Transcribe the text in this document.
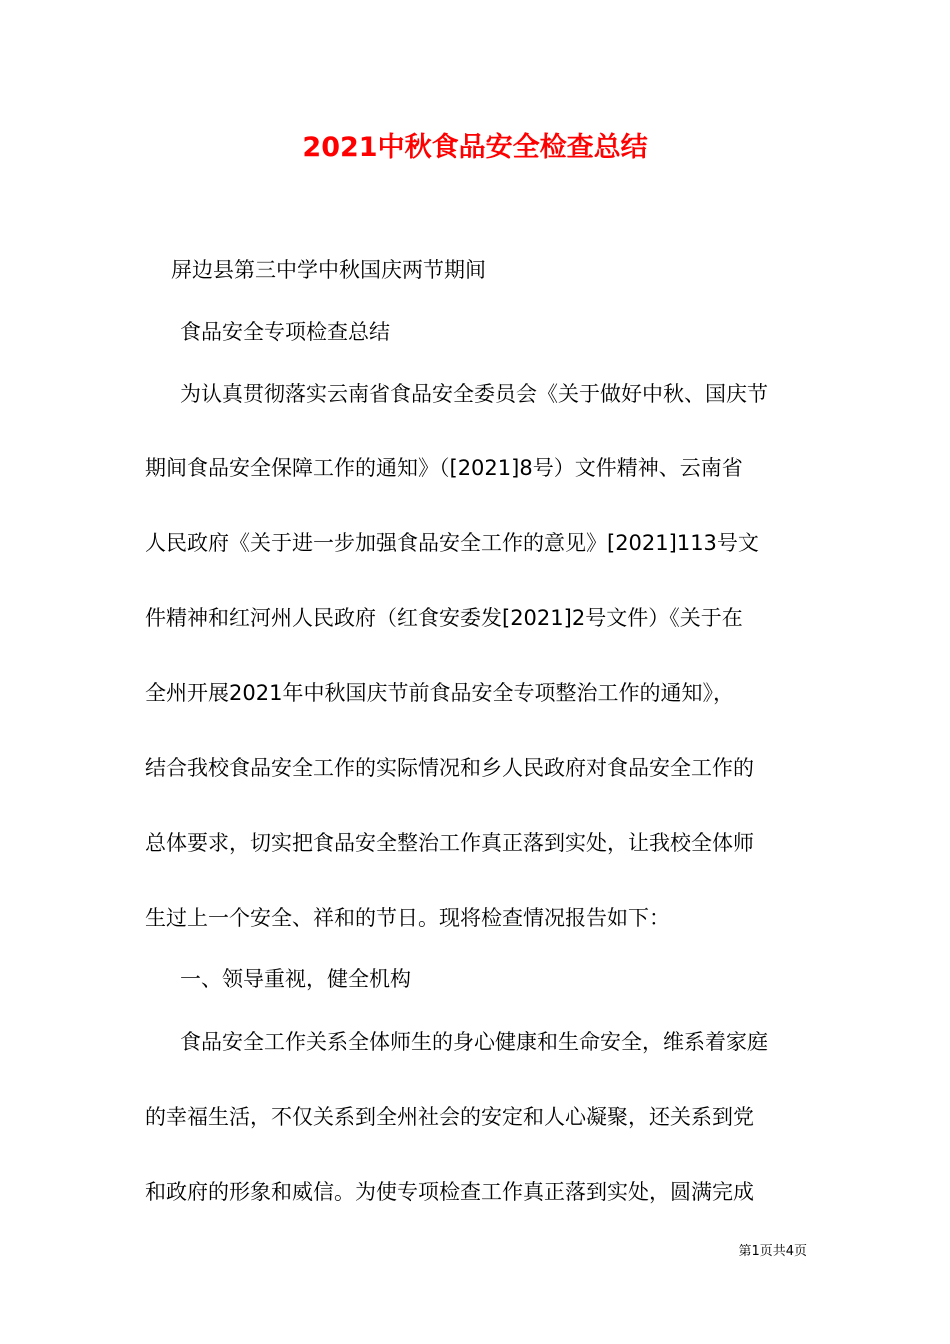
2021中秋食品安全检查总结

屏边县第三中学中秋国庆两节期间

食品安全专项检查总结

为认真贯彻落实云南省食品安全委员会《关于做好中秋、国庆节

期间食品安全保障工作的通知》（[2021]8号）文件精神、云南省

人民政府《关于进一步加强食品安全工作的意见》[2021]113号文

件精神和红河州人民政府（红食安委发[2021]2号文件）《关于在

全州开展2021年中秋国庆节前食品安全专项整治工作的通知》，

结合我校食品安全工作的实际情况和乡人民政府对食品安全工作的

总体要求，切实把食品安全整治工作真正落到实处，让我校全体师

生过上一个安全、祥和的节日。现将检查情况报告如下：

一、领导重视，健全机构

食品安全工作关系全体师生的身心健康和生命安全，维系着家庭

的幸福生活，不仅关系到全州社会的安定和人心凝聚，还关系到党

和政府的形象和威信。为使专项检查工作真正落到实处，圆满完成

第1页共4页
